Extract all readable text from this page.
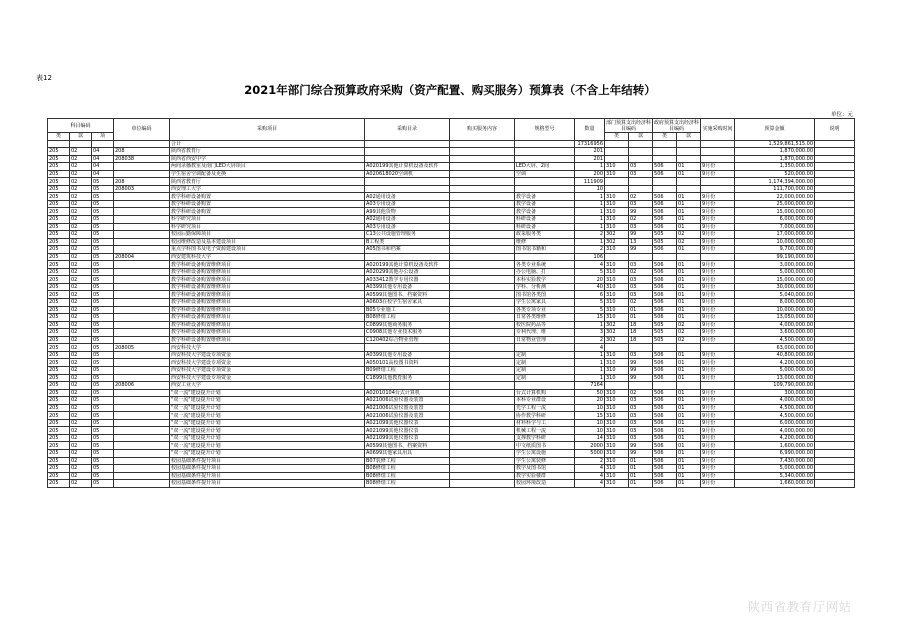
表12
2021年部门综合预算政府采购（资产配置、购买服务）预算表（不含上年结转）
单位：元
科目编码			单位编码	采购项目	采购目录	购买服务内容	规格型号	数量	部门预算支出经济科目编码		政府预算支出经济科目编码		实施采购时间	预算金额	说明
类	款	项							类	款	类	款			
				合计				17316956						1,529,861,515.00	
205	02	04	208	陕西省教育厅				201						1,870,000.00	
205	02	04	208038	陕西省西安中学				201						1,870,000.00	
205	02	04		两间录播教室及南门LED大屏项目	A020199其他计算机设备及软件		LED大屏、2间	1	310	03	506	01	9月份	1,350,000.00	
205	02	04		学生宿舍空调配备及更换	A020618020空调机		空调	200	310	03	506	01	9月份	520,000.00	
205	02	05	208	陕西省教育厅				111909						1,174,394,000.00	
205	02	05	208003	西安理工大学				10						111,700,000.00	
205	02	05		教学科研设备购置	A02通用设备		教学设备	1	310	02	506	01	9月份	22,000,000.00	
205	02	05		教学科研设备购置	A03专用设备		教学设备	1	310	03	506	01	9月份	25,000,000.00	
205	02	05		教学科研设备购置	A99其他货物		教学设备	1	310	99	506	01	9月份	15,000,000.00	
205	02	05		科学研究项目	A02通用设备		科研设备	1	310	02	506	01	9月份	6,000,000.00	
205	02	05		科学研究项目	A03专用设备		科研设备	1	310	03	506	01	9月份	7,000,000.00	
205	02	05		校园后勤保障项目	C13公共设施管理服务		政采服务类	2	302	99	505	02	9月份	17,000,000.00	
205	02	05		校园维修改造及基本建设项目	B工程类		维修	1	302	13	505	02	9月份	10,000,000.00	
205	02	05		重点学科图书及电子资源建设项目	A05图书和档案		图书馆书籍和	2	310	99	506	01	9月份	9,700,000.00	
205	02	05	208004	西安建筑科技大学				106						99,190,000.00	
205	02	05		教学科研设备购置维修项目	A020199其他计算机设备及软件		各类专业系统	4	310	03	506	01	9月份	3,000,000.00	
205	02	05		教学科研设备购置维修项目	A020299其他办公设备		办公电脑、打	5	310	02	506	01	9月份	5,000,000.00	
205	02	05		教学科研设备购置维修项目	A033412教学专用仪器		本科实验教学	20	310	03	506	01	9月份	15,000,000.00	
205	02	05		教学科研设备购置维修项目	A0399其他专用设备		学科、分析测	40	310	03	506	01	9月份	30,000,000.00	
205	02	05		教学科研设备购置维修项目	A0599其他图书、档案资料		图书馆各类图	6	310	03	506	01	9月份	5,040,000.00	
205	02	05		教学科研设备购置维修项目	A0603在校学生宿舍家具		学生公寓家具	5	310	02	506	01	9月份	8,000,000.00	
205	02	05		教学科研设备购置维修项目	B05专业施工		各类专项专业	5	310	01	506	01	9月份	10,000,000.00	
205	02	05		教学科研设备购置维修项目	B08修缮工程		日常各类维修	15	310	01	506	01	9月份	13,050,000.00	
205	02	05		教学科研设备购置维修项目	C0899其他商务服务		校医院药品等	1	302	18	505	02	9月份	4,000,000.00	
205	02	05		教学科研设备购置维修项目	C0908其他专业技术服务		专利代理、维	3	302	18	505	02	9月份	3,600,000.00	
205	02	05		教学科研设备购置维修项目	C120402综合物业管理		日常物业管理	2	302	18	505	02	9月份	4,500,000.00	
205	02	05	208005	西安科技大学				4						63,000,000.00	
205	02	05		西安科技大学建设专项资金	A0399其他专用设备		定制	1	310	03	506	01	9月份	40,800,000.00	
205	02	05		西安科技大学建设专项资金	A050101高校图书资料		定制	1	310	99	506	01	9月份	4,200,000.00	
205	02	05		西安科技大学建设专项资金	B09修缮工程		定制	1	310	99	506	01	9月份	5,000,000.00	
205	02	05		西安科技大学建设专项资金	C1899其他教育服务		定制	1	310	99	506	01	9月份	13,000,000.00	
205	02	05	208006	西安工业大学				7164						109,790,000.00	
205	02	05		"双一流"建设提升计划	A02010104台式计算机		台式计算机购	50	310	02	506	01	9月份	300,000.00	
205	02	05		"双一流"建设提升计划	A021006试验仪器及装置		本科专业群设	20	310	03	506	01	9月份	4,000,000.00	
205	02	05		"双一流"建设提升计划	A021006试验仪器及装置		光学工程一流	10	310	03	506	01	9月份	4,500,000.00	
205	02	05		"双一流"建设提升计划	A021006试验仪器及装置		协作教学科研	15	310	03	506	01	9月份	4,500,000.00	
205	02	05		"双一流"建设提升计划	A021099其他仪器仪表		材料科学与工	10	310	03	506	01	9月份	6,000,000.00	
205	02	05		"双一流"建设提升计划	A021099其他仪器仪表		机械工程一流	10	310	03	506	01	9月份	4,000,000.00	
205	02	05		"双一流"建设提升计划	A021099其他仪器仪表		支撑教学科研	14	310	03	506	01	9月份	4,200,000.00	
205	02	05		"双一流"建设提升计划	A0599其他图书、档案资料		中文纸质图书	2000	310	99	506	01	9月份	1,600,000.00	
205	02	05		"双一流"建设提升计划	A0699其他家具用具		学生公寓设施	5000	310	99	506	01	9月份	6,990,000.00	
205	02	05		校园基础条件提升项目	B07装修工程		学生公寓装修	2	310	01	506	01	9月份	7,430,000.00	
205	02	05		校园基础条件提升项目	B08修缮工程		教学及图书馆	4	310	01	506	01	9月份	5,000,000.00	
205	02	05		校园基础条件提升项目	B08修缮工程		教学实验楼群	4	310	01	506	01	9月份	5,340,000.00	
205	02	05		校园基础条件提升项目	B08修缮工程		校园环境改造	4	310	01	506	01	9月份	1,660,000.00	
陕西省教育厅网站
